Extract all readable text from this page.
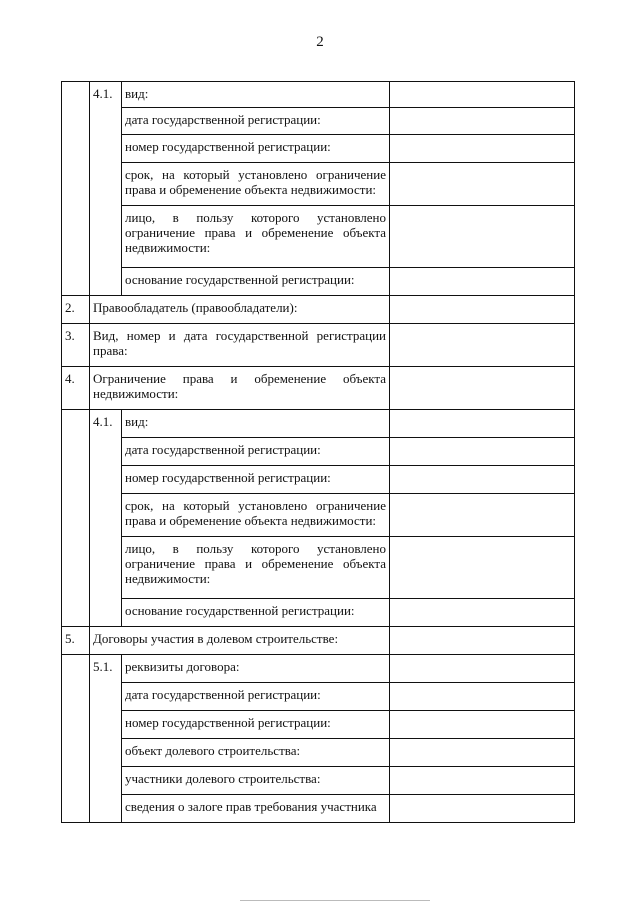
2
	4.1.	вид:	
		дата государственной регистрации:	
		номер государственной регистрации:	
		срок, на который установлено ограничение права и обременение объекта недвижимости:	
		лицо, в пользу которого установлено ограничение права и обременение объекта недвижимости:	
		основание государственной регистрации:	
2.	Правообладатель (правообладатели):		
3.	Вид, номер и дата государственной регистрации права:		
4.	Ограничение права и обременение объекта недвижимости:		
	4.1.	вид:	
		дата государственной регистрации:	
		номер государственной регистрации:	
		срок, на который установлено ограничение права и обременение объекта недвижимости:	
		лицо, в пользу которого установлено ограничение права и обременение объекта недвижимости:	
		основание государственной регистрации:	
5.	Договоры участия в долевом строительстве:		
	5.1.	реквизиты договора:	
		дата государственной регистрации:	
		номер государственной регистрации:	
		объект долевого строительства:	
		участники долевого строительства:	
		сведения о залоге прав требования участника	
